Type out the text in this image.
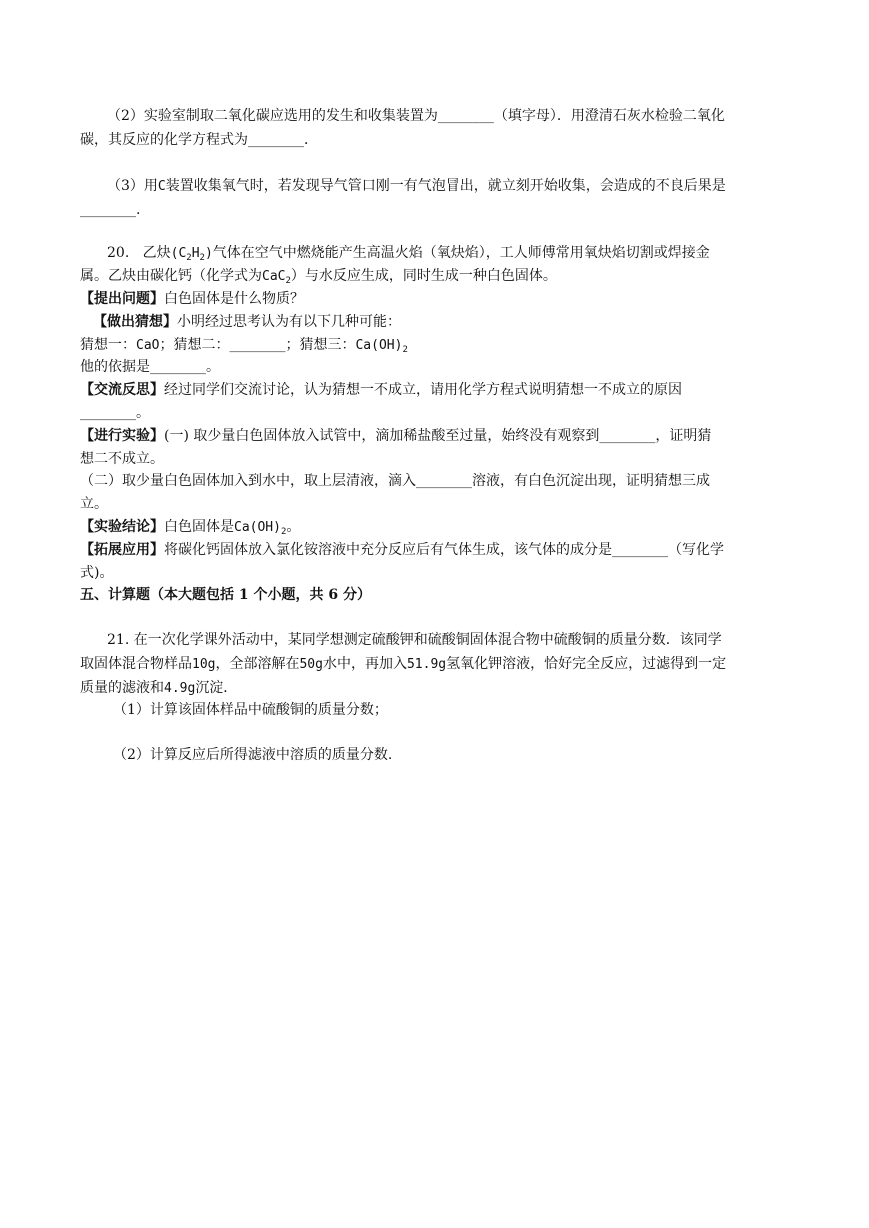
（2）实验室制取二氧化碳应选用的发生和收集装置为________（填字母）．用澄清石灰水检验二氧化
碳，其反应的化学方程式为________．
（3）用C装置收集氧气时，若发现导气管口刚一有气泡冒出，就立刻开始收集，会造成的不良后果是
________.
20. 乙炔$(C_2H_2)$气体在空气中燃烧能产生高温火焰（氧炔焰），工人师傅常用氧炔焰切割或焊接金
属。乙炔由碳化钙（化学式为CaC$_2$）与水反应生成，同时生成一种白色固体。
【提出问题】白色固体是什么物质？
【做出猜想】小明经过思考认为有以下几种可能：
猜想一：CaO；猜想二：________；猜想三：$Ca(OH)_2$
他的依据是________。
【交流反思】经过同学们交流讨论，认为猜想一不成立，请用化学方程式说明猜想一不成立的原因
________。
【进行实验】(一) 取少量白色固体放入试管中，滴加稀盐酸至过量，始终没有观察到________，证明猜
想二不成立。
（二）取少量白色固体加入到水中，取上层清液，滴入________溶液，有白色沉淀出现，证明猜想三成
立。
【实验结论】白色固体是$Ca(OH)_2$。
【拓展应用】将碳化钙固体放入氯化铵溶液中充分反应后有气体生成，该气体的成分是________（写化学
式)。
五、计算题（本大题包括 1 个小题，共 6 分）
21. 在一次化学课外活动中，某同学想测定硫酸钾和硫酸铜固体混合物中硫酸铜的质量分数．该同学
取固体混合物样品10g，全部溶解在50g水中，再加入51.9g氢氧化钾溶液，恰好完全反应，过滤得到一定
质量的滤液和4.9g沉淀．
（1）计算该固体样品中硫酸铜的质量分数；
（2）计算反应后所得滤液中溶质的质量分数.
